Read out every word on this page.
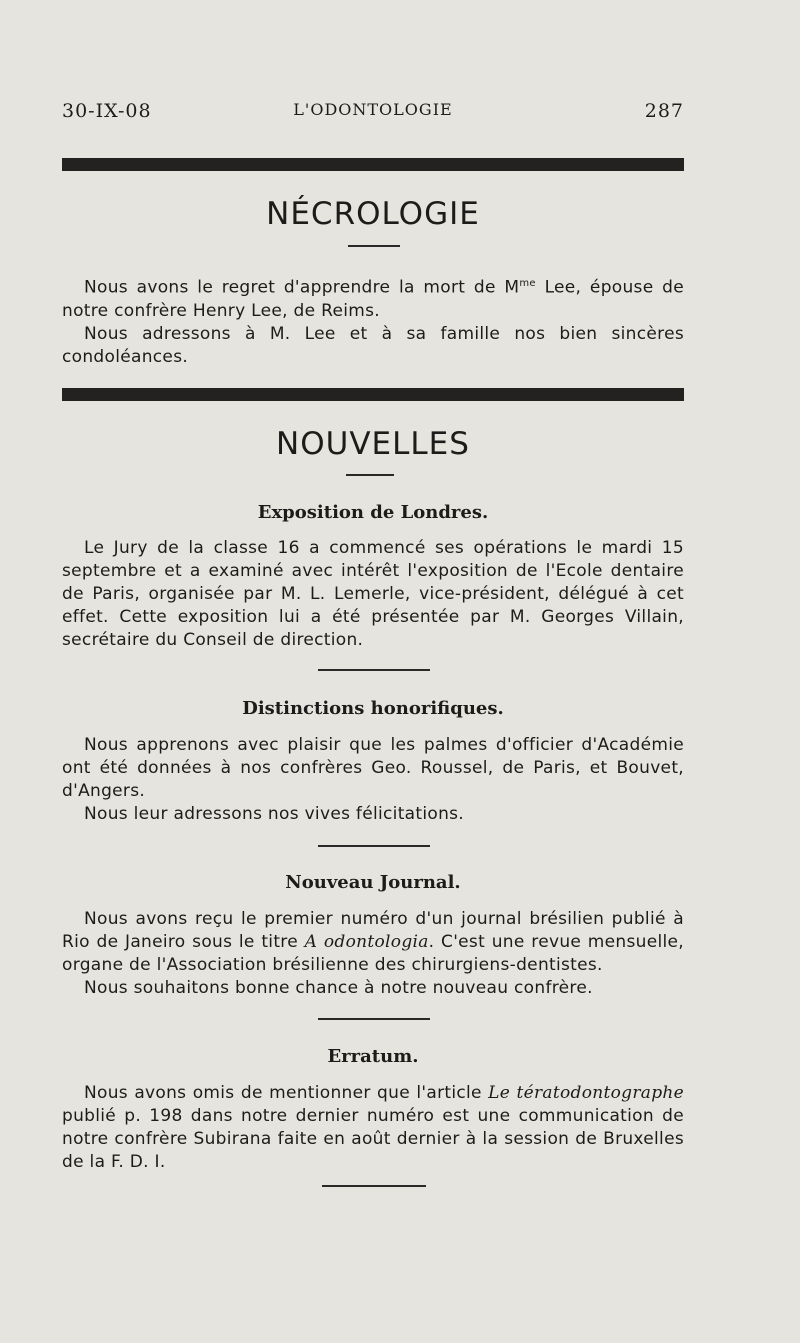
30-IX-08	L'ODONTOLOGIE	287
NÉCROLOGIE

Nous avons le regret d'apprendre la mort de $M^{me}$ Lee, épouse de notre confrère Henry Lee, de Reims.

Nous adressons à M. Lee et à sa famille nos bien sincères condoléances.

NOUVELLES
Exposition de Londres.

Le Jury de la classe 16 a commencé ses opérations le mardi 15 septembre et a examiné avec intérêt l'exposition de l'Ecole dentaire de Paris, organisée par M. L. Lemerle, vice-président, délégué à cet effet. Cette exposition lui a été présentée par M. Georges Villain, secrétaire du Conseil de direction.

Distinctions honorifiques.

Nous apprenons avec plaisir que les palmes d'officier d'Académie ont été données à nos confrères Geo. Roussel, de Paris, et Bouvet, d'Angers.

Nous leur adressons nos vives félicitations.

Nouveau Journal.

Nous avons reçu le premier numéro d'un journal brésilien publié à Rio de Janeiro sous le titre A odontologia. C'est une revue mensuelle, organe de l'Association brésilienne des chirurgiens-dentistes.

Nous souhaitons bonne chance à notre nouveau confrère.

Erratum.

Nous avons omis de mentionner que l'article Le tératodontographe publié p. 198 dans notre dernier numéro est une communication de notre confrère Subirana faite en août dernier à la session de Bruxelles de la F. D. I.
